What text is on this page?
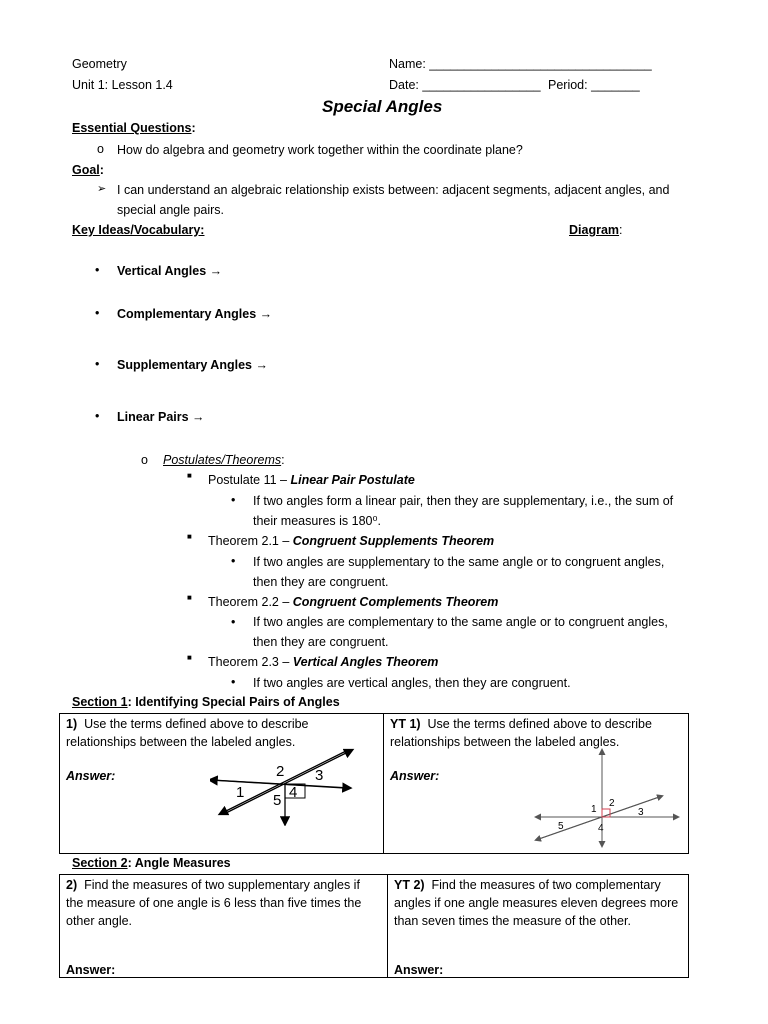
Geometry
Unit 1: Lesson 1.4
Name: ________________________________
Date: _________________ Period: _______
Special Angles
Essential Questions:
o How do algebra and geometry work together within the coordinate plane?
Goal:
➢ I can understand an algebraic relationship exists between: adjacent segments, adjacent angles, and
special angle pairs.
Key Ideas/Vocabulary:	Diagram:
• Vertical Angles →
• Complementary Angles →
• Supplementary Angles →
• Linear Pairs →
o Postulates/Theorems:
■ Postulate 11 – Linear Pair Postulate
• If two angles form a linear pair, then they are supplementary, i.e., the sum of
their measures is 180⁰.
■ Theorem 2.1 – Congruent Supplements Theorem
• If two angles are supplementary to the same angle or to congruent angles,
then they are congruent.
■ Theorem 2.2 – Congruent Complements Theorem
• If two angles are complementary to the same angle or to congruent angles,
then they are congruent.
■ Theorem 2.3 – Vertical Angles Theorem
• If two angles are vertical angles, then they are congruent.
Section 1: Identifying Special Pairs of Angles
1) Use the terms defined above to describe relationships between the labeled angles.
Answer:	2 3
1 5 4
YT 1) Use the terms defined above to describe relationships between the labeled angles.
Answer:
1
2
3
5	4
Section 2: Angle Measures
2) Find the measures of two supplementary angles if the measure of one angle is 6 less than five times the other angle.
Answer:
YT 2) Find the measures of two complementary angles if one angle measures eleven degrees more than seven times the measure of the other.
Answer:
